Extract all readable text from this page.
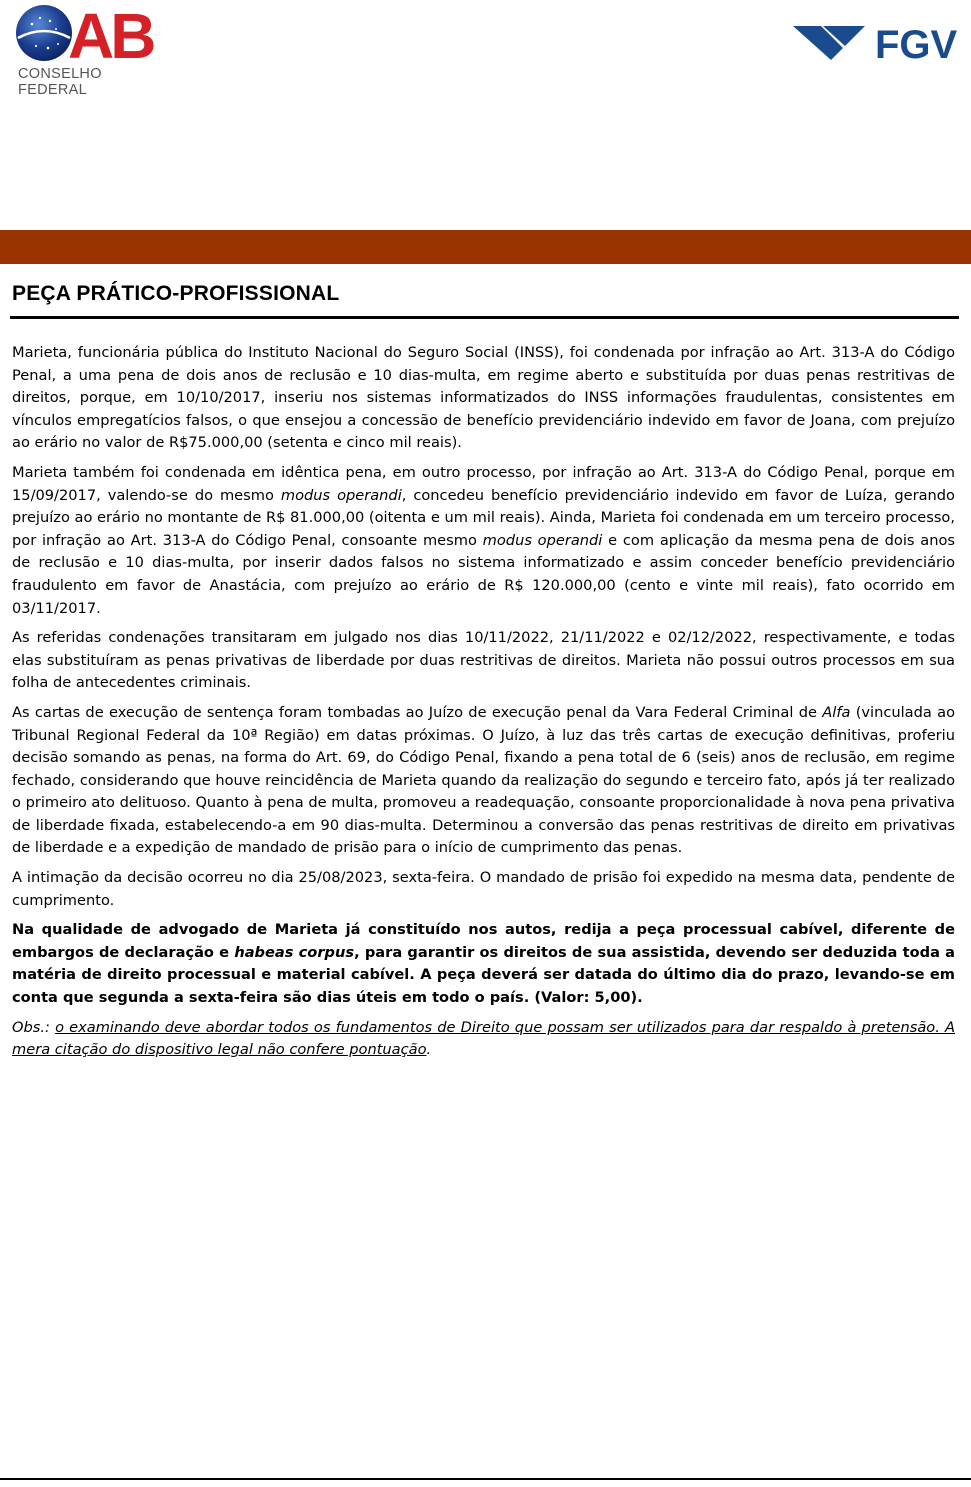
AB
CONSELHO FEDERAL
FGV
PEÇA PRÁTICO-PROFISSIONAL

Marieta, funcionária pública do Instituto Nacional do Seguro Social (INSS), foi condenada por infração ao Art. 313-A do Código Penal, a uma pena de dois anos de reclusão e 10 dias-multa, em regime aberto e substituída por duas penas restritivas de direitos, porque, em 10/10/2017, inseriu nos sistemas informatizados do INSS informações fraudulentas, consistentes em vínculos empregatícios falsos, o que ensejou a concessão de benefício previdenciário indevido em favor de Joana, com prejuízo ao erário no valor de R$75.000,00 (setenta e cinco mil reais).

Marieta também foi condenada em idêntica pena, em outro processo, por infração ao Art. 313-A do Código Penal, porque em 15/09/2017, valendo-se do mesmo modus operandi, concedeu benefício previdenciário indevido em favor de Luíza, gerando prejuízo ao erário no montante de R$ 81.000,00 (oitenta e um mil reais). Ainda, Marieta foi condenada em um terceiro processo, por infração ao Art. 313-A do Código Penal, consoante mesmo modus operandi e com aplicação da mesma pena de dois anos de reclusão e 10 dias-multa, por inserir dados falsos no sistema informatizado e assim conceder benefício previdenciário fraudulento em favor de Anastácia, com prejuízo ao erário de R$ 120.000,00 (cento e vinte mil reais), fato ocorrido em 03/11/2017.

As referidas condenações transitaram em julgado nos dias 10/11/2022, 21/11/2022 e 02/12/2022, respectivamente, e todas elas substituíram as penas privativas de liberdade por duas restritivas de direitos. Marieta não possui outros processos em sua folha de antecedentes criminais.

As cartas de execução de sentença foram tombadas ao Juízo de execução penal da Vara Federal Criminal de Alfa (vinculada ao Tribunal Regional Federal da 10ª Região) em datas próximas. O Juízo, à luz das três cartas de execução definitivas, proferiu decisão somando as penas, na forma do Art. 69, do Código Penal, fixando a pena total de 6 (seis) anos de reclusão, em regime fechado, considerando que houve reincidência de Marieta quando da realização do segundo e terceiro fato, após já ter realizado o primeiro ato delituoso. Quanto à pena de multa, promoveu a readequação, consoante proporcionalidade à nova pena privativa de liberdade fixada, estabelecendo-a em 90 dias-multa. Determinou a conversão das penas restritivas de direito em privativas de liberdade e a expedição de mandado de prisão para o início de cumprimento das penas.

A intimação da decisão ocorreu no dia 25/08/2023, sexta-feira. O mandado de prisão foi expedido na mesma data, pendente de cumprimento.

Na qualidade de advogado de Marieta já constituído nos autos, redija a peça processual cabível, diferente de embargos de declaração e habeas corpus, para garantir os direitos de sua assistida, devendo ser deduzida toda a matéria de direito processual e material cabível. A peça deverá ser datada do último dia do prazo, levando-se em conta que segunda a sexta-feira são dias úteis em todo o país. (Valor: 5,00).

Obs.: o examinando deve abordar todos os fundamentos de Direito que possam ser utilizados para dar respaldo à pretensão. A mera citação do dispositivo legal não confere pontuação.
